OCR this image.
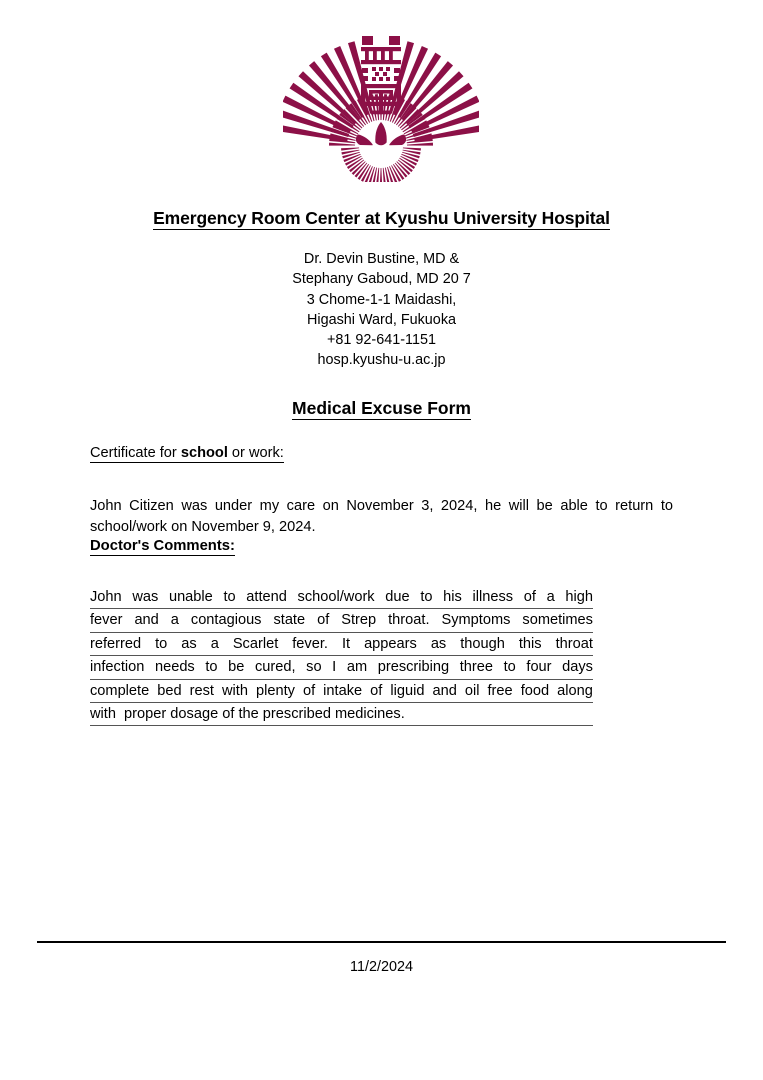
Emergency Room Center at Kyushu University Hospital
Dr. Devin Bustine, MD &
Stephany Gaboud, MD 20 7
3 Chome-1-1 Maidashi,
Higashi Ward, Fukuoka
+81 92-641-1151
hosp.kyushu-u.ac.jp
Medical Excuse Form
Certificate for school or work:
John Citizen was under my care on November 3, 2024, he will be able to return to school/work on November 9, 2024.
Doctor's Comments:
John was unable to attend school/work due to his illness of a high
fever and a contagious state of Strep throat. Symptoms sometimes
referred to as a Scarlet fever. It appears as though this throat
infection needs to be cured, so I am prescribing three to four days
complete bed rest with plenty of intake of liguid and oil free food along
with  proper dosage of the prescribed medicines.
11/2/2024
